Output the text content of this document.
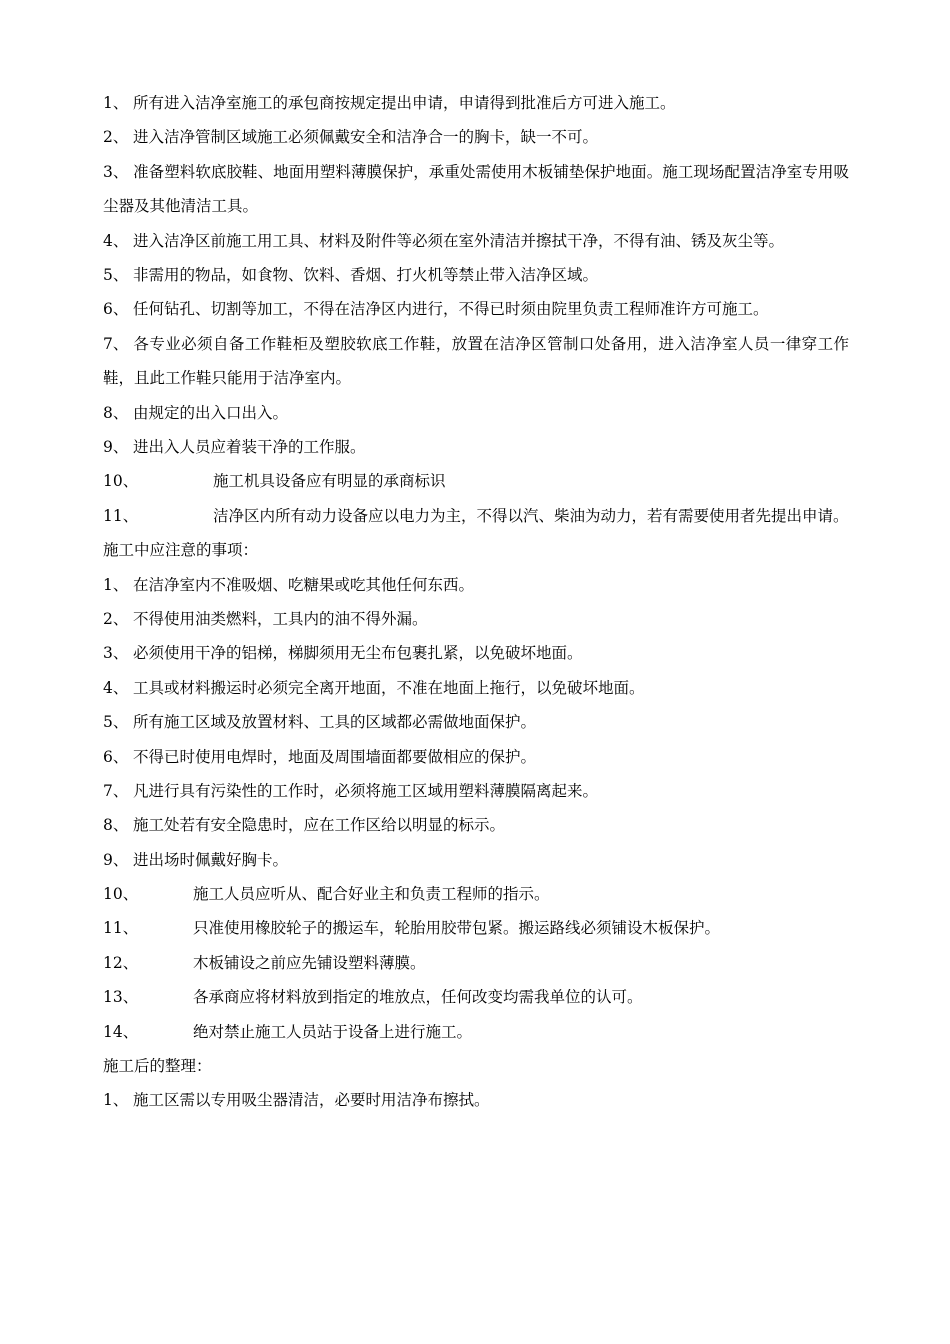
1、 所有进入洁净室施工的承包商按规定提出申请，申请得到批准后方可进入施工。
2、 进入洁净管制区域施工必须佩戴安全和洁净合一的胸卡，缺一不可。
3、 准备塑料软底胶鞋、地面用塑料薄膜保护，承重处需使用木板铺垫保护地面。施工现场配置洁净室专用吸尘器及其他清洁工具。
4、 进入洁净区前施工用工具、材料及附件等必须在室外清洁并擦拭干净，不得有油、锈及灰尘等。
5、 非需用的物品，如食物、饮料、香烟、打火机等禁止带入洁净区域。
6、 任何钻孔、切割等加工，不得在洁净区内进行，不得已时须由院里负责工程师准许方可施工。
7、 各专业必须自备工作鞋柜及塑胶软底工作鞋，放置在洁净区管制口处备用，进入洁净室人员一律穿工作鞋，且此工作鞋只能用于洁净室内。
8、 由规定的出入口出入。
9、 进出入人员应着装干净的工作服。
10、	施工机具设备应有明显的承商标识
11、	洁净区内所有动力设备应以电力为主，不得以汽、柴油为动力，若有需要使用者先提出申请。
施工中应注意的事项：
1、 在洁净室内不准吸烟、吃糖果或吃其他任何东西。
2、 不得使用油类燃料，工具内的油不得外漏。
3、 必须使用干净的铝梯，梯脚须用无尘布包裹扎紧，以免破坏地面。
4、 工具或材料搬运时必须完全离开地面，不准在地面上拖行，以免破坏地面。
5、 所有施工区域及放置材料、工具的区域都必需做地面保护。
6、 不得已时使用电焊时，地面及周围墙面都要做相应的保护。
7、 凡进行具有污染性的工作时，必须将施工区域用塑料薄膜隔离起来。
8、 施工处若有安全隐患时，应在工作区给以明显的标示。
9、 进出场时佩戴好胸卡。
10、	施工人员应听从、配合好业主和负责工程师的指示。
11、	只准使用橡胶轮子的搬运车，轮胎用胶带包紧。搬运路线必须铺设木板保护。
12、	木板铺设之前应先铺设塑料薄膜。
13、	各承商应将材料放到指定的堆放点，任何改变均需我单位的认可。
14、	绝对禁止施工人员站于设备上进行施工。
施工后的整理：
1、 施工区需以专用吸尘器清洁，必要时用洁净布擦拭。
